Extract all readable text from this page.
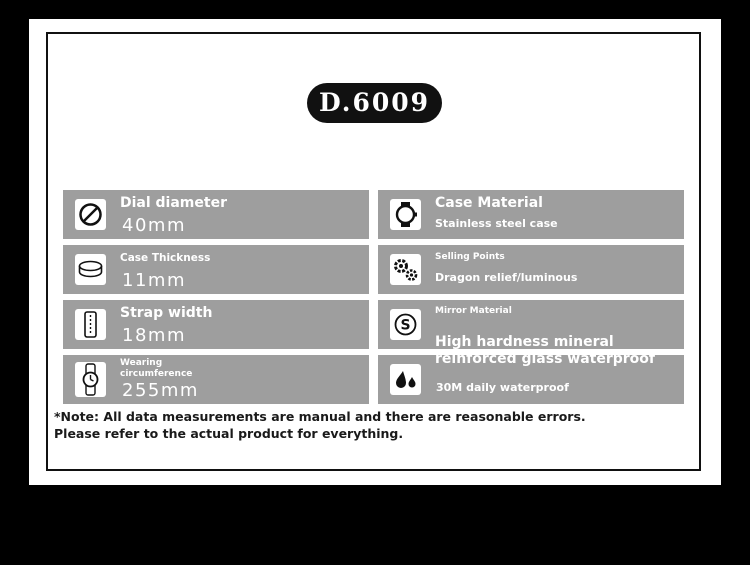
D.6009
Dial diameter
40mm
Case Thickness
11mm
Strap width
18mm
Wearing
circumference
255mm
Case Material
Stainless steel case
Selling Points
Dragon relief/luminous
S
Mirror Material
30M daily waterproof
High hardness mineral
reinforced glass waterproof
*Note: All data measurements are manual and there are reasonable errors.
Please refer to the actual product for everything.
